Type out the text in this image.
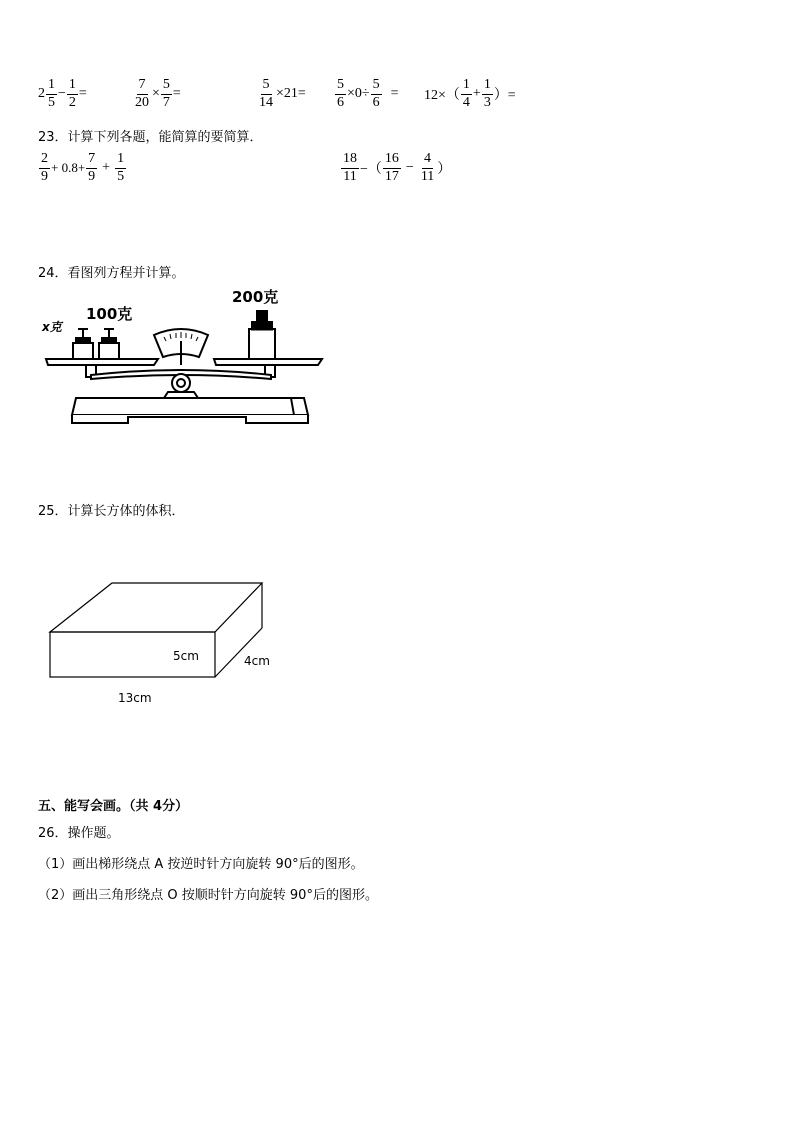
$2 \frac{1}{5} - \frac{1}{2}$ =	$\frac{7}{20} \times \frac{5}{7}$ =	$\frac{5}{14} \times 21= \frac{5}{6} \times 0\div \frac{5}{6} = 12\times( \frac{1}{4} + \frac{1}{3}$ ）=
23．计算下列各题，能简算的要简算．
$\frac{2}{9} + 0.8+ \frac{7}{9} + \frac{1}{5}$	$\frac{18}{11}$ −（ $\frac{16}{17} - \frac{4}{11}$ ）
24．看图列方程并计算。
x克
100克
200克
25．计算长方体的体积．
5cm	4cm
13cm
五、能写会画。（共 4分）
26．操作题。
（1）画出梯形绕点 A 按逆时针方向旋转 90°后的图形。
（2）画出三角形绕点 O 按顺时针方向旋转 90°后的图形。
